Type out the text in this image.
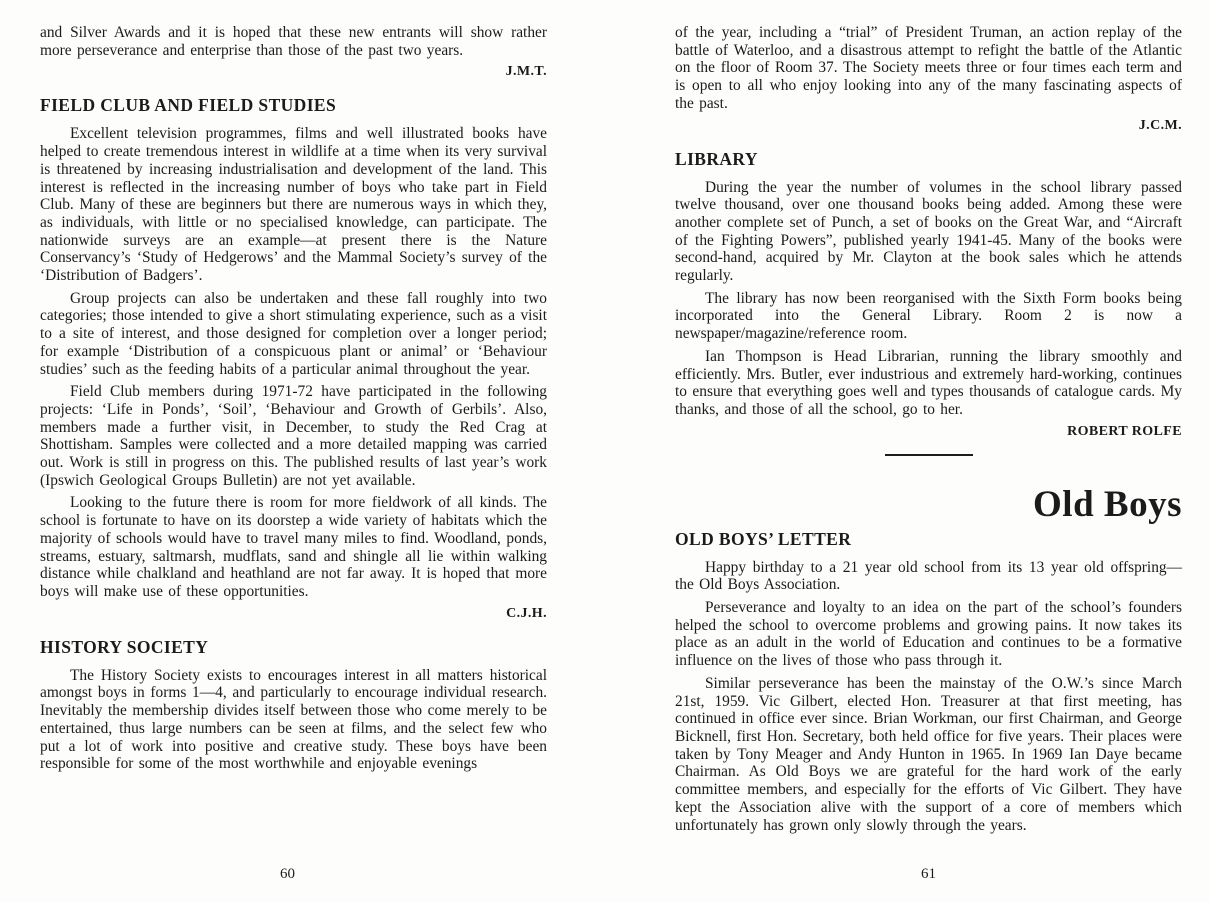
and Silver Awards and it is hoped that these new entrants will show rather more perseverance and enterprise than those of the past two years.

J.M.T.

FIELD CLUB AND FIELD STUDIES

Excellent television programmes, films and well illustrated books have helped to create tremendous interest in wildlife at a time when its very survival is threatened by increasing industrialisation and development of the land. This interest is reflected in the increasing number of boys who take part in Field Club. Many of these are beginners but there are numerous ways in which they, as individuals, with little or no specialised knowledge, can participate. The nationwide surveys are an example—at present there is the Nature Conservancy’s ‘Study of Hedgerows’ and the Mammal Society’s survey of the ‘Distribution of Badgers’.

Group projects can also be undertaken and these fall roughly into two categories; those intended to give a short stimulating experience, such as a visit to a site of interest, and those designed for completion over a longer period; for example ‘Distribution of a conspicuous plant or animal’ or ‘Behaviour studies’ such as the feeding habits of a particular animal throughout the year.

Field Club members during 1971-72 have participated in the following projects: ‘Life in Ponds’, ‘Soil’, ‘Behaviour and Growth of Gerbils’. Also, members made a further visit, in December, to study the Red Crag at Shottisham. Samples were collected and a more detailed mapping was carried out. Work is still in progress on this. The published results of last year’s work (Ipswich Geological Groups Bulletin) are not yet available.

Looking to the future there is room for more fieldwork of all kinds. The school is fortunate to have on its doorstep a wide variety of habitats which the majority of schools would have to travel many miles to find. Woodland, ponds, streams, estuary, saltmarsh, mudflats, sand and shingle all lie within walking distance while chalkland and heathland are not far away. It is hoped that more boys will make use of these opportunities.

C.J.H.

HISTORY SOCIETY

The History Society exists to encourages interest in all matters historical amongst boys in forms 1—4, and particularly to encourage individual research. Inevitably the membership divides itself between those who come merely to be entertained, thus large numbers can be seen at films, and the select few who put a lot of work into positive and creative study. These boys have been responsible for some of the most worthwhile and enjoyable evenings

of the year, including a “trial” of President Truman, an action replay of the battle of Waterloo, and a disastrous attempt to refight the battle of the Atlantic on the floor of Room 37. The Society meets three or four times each term and is open to all who enjoy looking into any of the many fascinating aspects of the past.

J.C.M.

LIBRARY

During the year the number of volumes in the school library passed twelve thousand, over one thousand books being added. Among these were another complete set of Punch, a set of books on the Great War, and “Aircraft of the Fighting Powers”, published yearly 1941-45. Many of the books were second-hand, acquired by Mr. Clayton at the book sales which he attends regularly.

The library has now been reorganised with the Sixth Form books being incorporated into the General Library. Room 2 is now a newspaper/magazine/reference room.

Ian Thompson is Head Librarian, running the library smoothly and efficiently. Mrs. Butler, ever industrious and extremely hard-working, continues to ensure that everything goes well and types thousands of catalogue cards. My thanks, and those of all the school, go to her.

ROBERT ROLFE

Old Boys
OLD BOYS’ LETTER

Happy birthday to a 21 year old school from its 13 year old offspring—the Old Boys Association.

Perseverance and loyalty to an idea on the part of the school’s founders helped the school to overcome problems and growing pains. It now takes its place as an adult in the world of Education and continues to be a formative influence on the lives of those who pass through it.

Similar perseverance has been the mainstay of the O.W.’s since March 21st, 1959. Vic Gilbert, elected Hon. Treasurer at that first meeting, has continued in office ever since. Brian Workman, our first Chairman, and George Bicknell, first Hon. Secretary, both held office for five years. Their places were taken by Tony Meager and Andy Hunton in 1965. In 1969 Ian Daye became Chairman. As Old Boys we are grateful for the hard work of the early committee members, and especially for the efforts of Vic Gilbert. They have kept the Association alive with the support of a core of members which unfortunately has grown only slowly through the years.

60	61
